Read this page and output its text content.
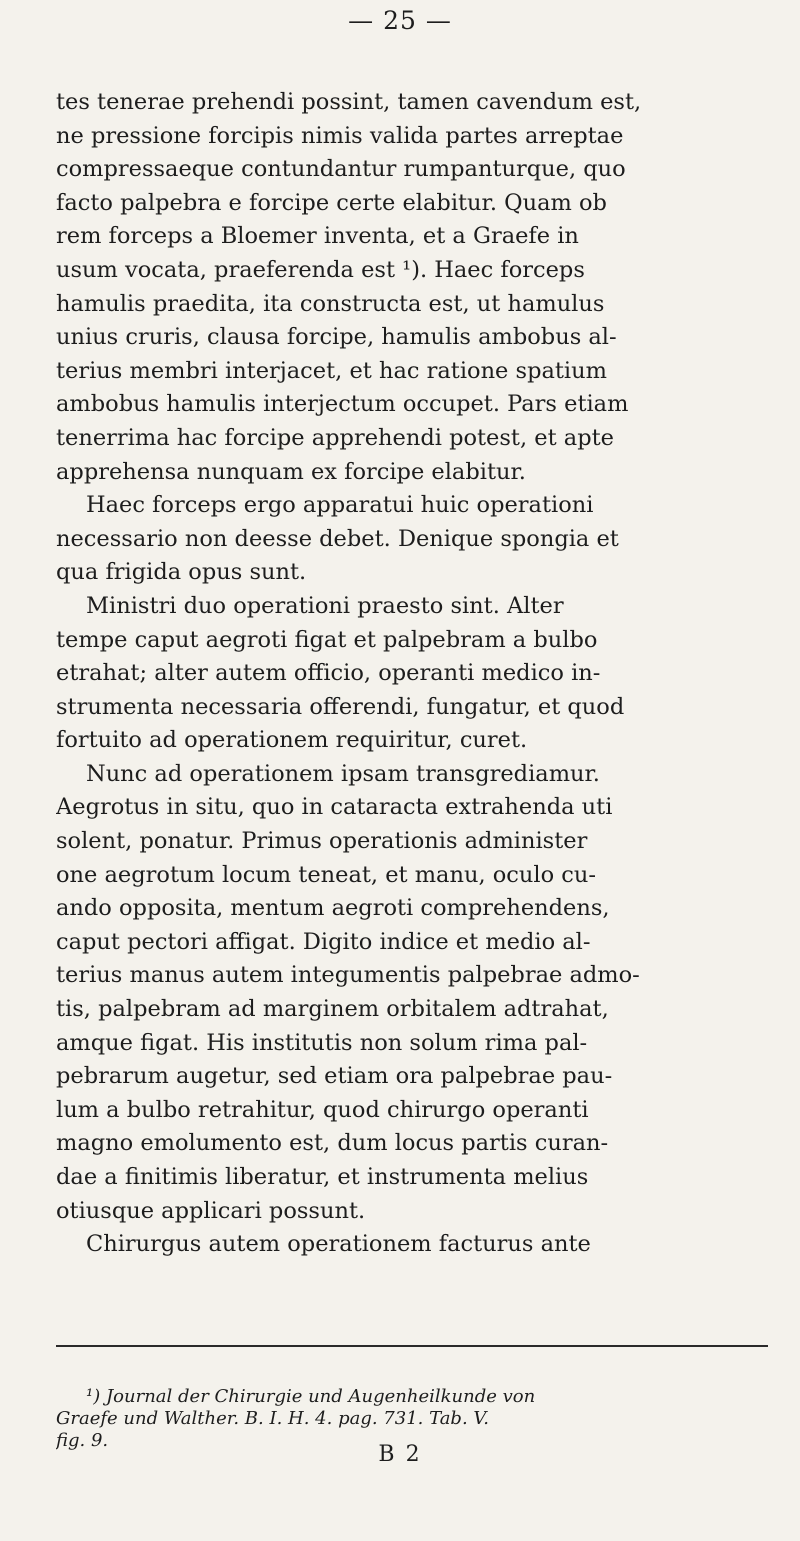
— 25 —
tes tenerae prehendi possint, tamen cavendum est,
ne pressione forcipis nimis valida partes arreptae
compressaeque contundantur rumpanturque, quo
facto palpebra e forcipe certe elabitur. Quam ob
rem forceps a Bloemer inventa, et a Graefe in
usum vocata, praeferenda est ¹). Haec forceps
hamulis praedita, ita constructa est, ut hamulus
unius cruris, clausa forcipe, hamulis ambobus al-
terius membri interjacet, et hac ratione spatium
ambobus hamulis interjectum occupet. Pars etiam
tenerrima hac forcipe apprehendi potest, et apte
apprehensa nunquam ex forcipe elabitur.
Haec forceps ergo apparatui huic operationi
necessario non deesse debet. Denique spongia et
qua frigida opus sunt.
Ministri duo operationi praesto sint. Alter
tempe caput aegroti figat et palpebram a bulbo
etrahat; alter autem officio, operanti medico in-
strumenta necessaria offerendi, fungatur, et quod
fortuito ad operationem requiritur, curet.
Nunc ad operationem ipsam transgrediamur.
Aegrotus in situ, quo in cataracta extrahenda uti
solent, ponatur. Primus operationis administer
one aegrotum locum teneat, et manu, oculo cu-
ando opposita, mentum aegroti comprehendens,
caput pectori affigat. Digito indice et medio al-
terius manus autem integumentis palpebrae admo-
tis, palpebram ad marginem orbitalem adtrahat,
amque figat. His institutis non solum rima pal-
pebrarum augetur, sed etiam ora palpebrae pau-
lum a bulbo retrahitur, quod chirurgo operanti
magno emolumento est, dum locus partis curan-
dae a finitimis liberatur, et instrumenta melius
otiusque applicari possunt.
Chirurgus autem operationem facturus ante
¹) Journal der Chirurgie und Augenheilkunde von
Graefe und Walther. B. I. H. 4. pag. 731. Tab. V.
fig. 9.
B 2
